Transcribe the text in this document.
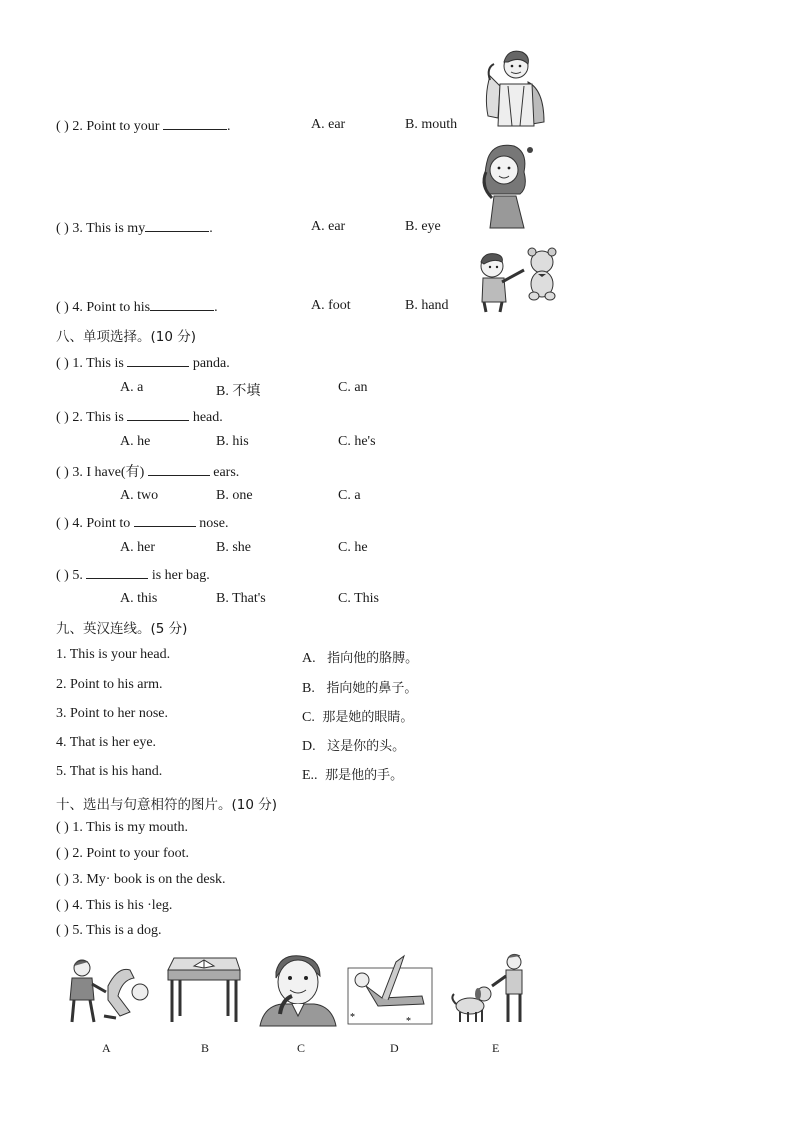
( ) 2. Point to your	.	A. ear	B. mouth
( ) 3. This is my	.	A. ear	B. eye
( ) 4. Point to his	.	A. foot	B. hand
八、单项选择。(10 分)
( ) 1. This is	panda.
A. a	B. 不填	C. an
( ) 2. This is	head.
A. he	B. his	C. he's
( ) 3. I have(有)	ears.
A. two	B. one	C. a
( ) 4. Point to	nose.
A. her	B. she	C. he
( ) 5.	is her bag.
A. this	B. That's	C. This
九、英汉连线。(5 分)
1. This is your head.
2. Point to his arm.
3. Point to her nose.
4. That is her eye.
5. That is his hand.
A. 指向他的胳膊。
B. 指向她的鼻子。
C. 那是她的眼睛。
D. 这是你的头。
E.. 那是他的手。
十、选出与句意相符的图片。(10 分)
( ) 1. This is my mouth.
( ) 2. Point to your foot.
( ) 3. My· book is on the desk.
( ) 4. This is his ·leg.
( ) 5. This is a dog.
*	*
A	B	C	D	E
